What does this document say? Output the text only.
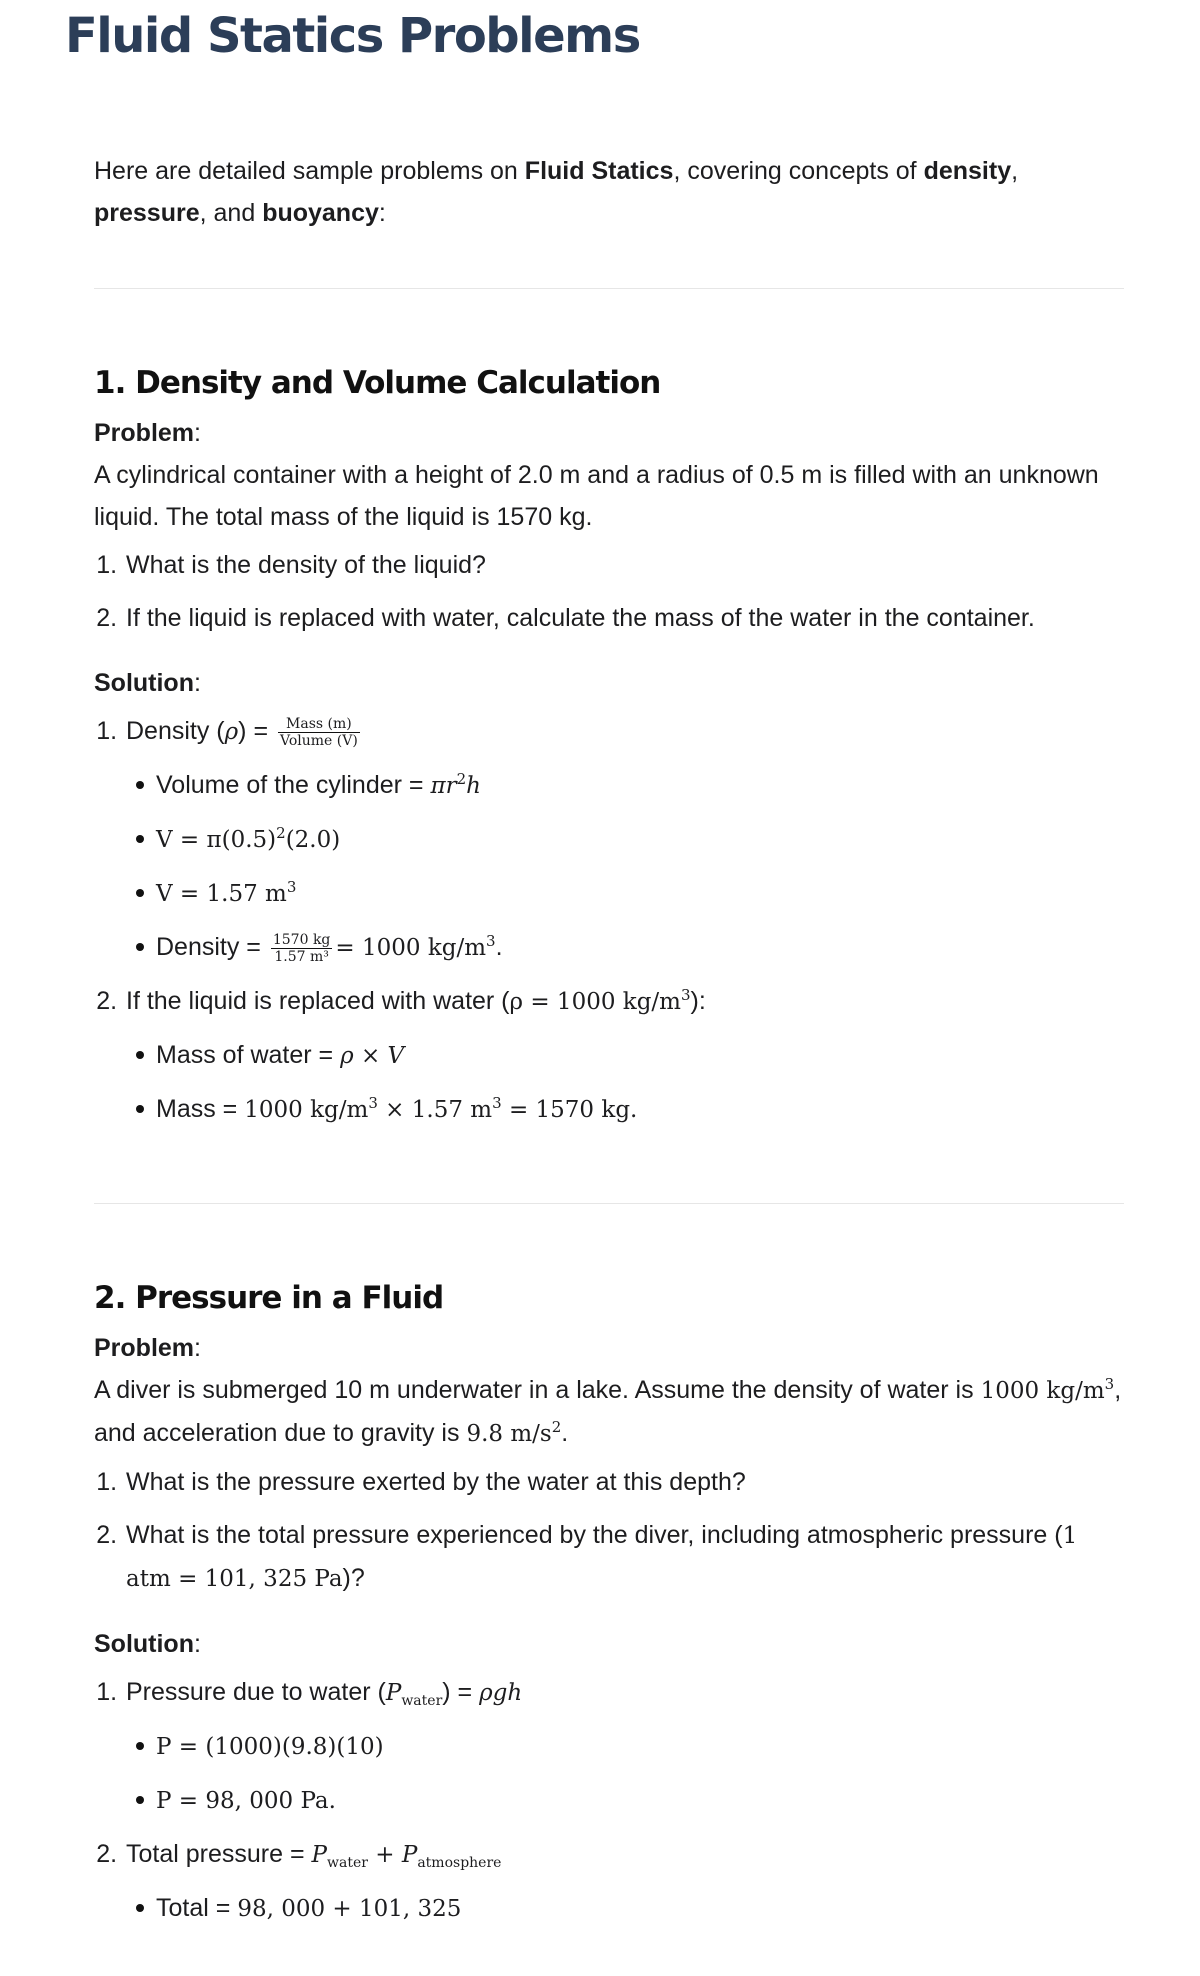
Fluid Statics Problems

Here are detailed sample problems on Fluid Statics, covering concepts of density, pressure, and buoyancy:

1. Density and Volume Calculation

Problem:

A cylindrical container with a height of 2.0 m and a radius of 0.5 m is filled with an unknown liquid. The total mass of the liquid is 1570 kg.

1. What is the density of the liquid?
2. If the liquid is replaced with water, calculate the mass of the water in the container.

Solution:

1. Density $(\rho) = \frac{\text{Mass (m)}}{\text{Volume (V)}}$
Volume of the cylinder = $\pi r^2h$
$V = \pi(0.5)^2(2.0)$
V = 1.57 $m^3$
Density = $\frac{1570 kg}{\text{1.57 m³}} = 1000$ $kg/m^3$.
2. If the liquid is replaced with water (ρ = 1000 $kg/m^3$):
Mass of water = ρ × V
Mass = 1000 $kg/m^3 \times 1.57$ $m^3 = 1570$ kg.
2. Pressure in a Fluid

Problem:

A diver is submerged 10 m underwater in a lake. Assume the density of water is 1000 $kg/m^3$, and acceleration due to gravity is 9.8 $m/s^2$.

1. What is the pressure exerted by the water at this depth?
2. What is the total pressure experienced by the diver, including atmospheric pressure (1 atm = 101, 325 Pa)?

Solution:

1. Pressure due to water $(P_{water}) = \rho gh$
P = (1000)(9.8)(10)
P = 98, 000 Pa.
2. Total pressure = $P_{water} + P_{atmosphere}$
Total = 98, 000 + 101, 325
